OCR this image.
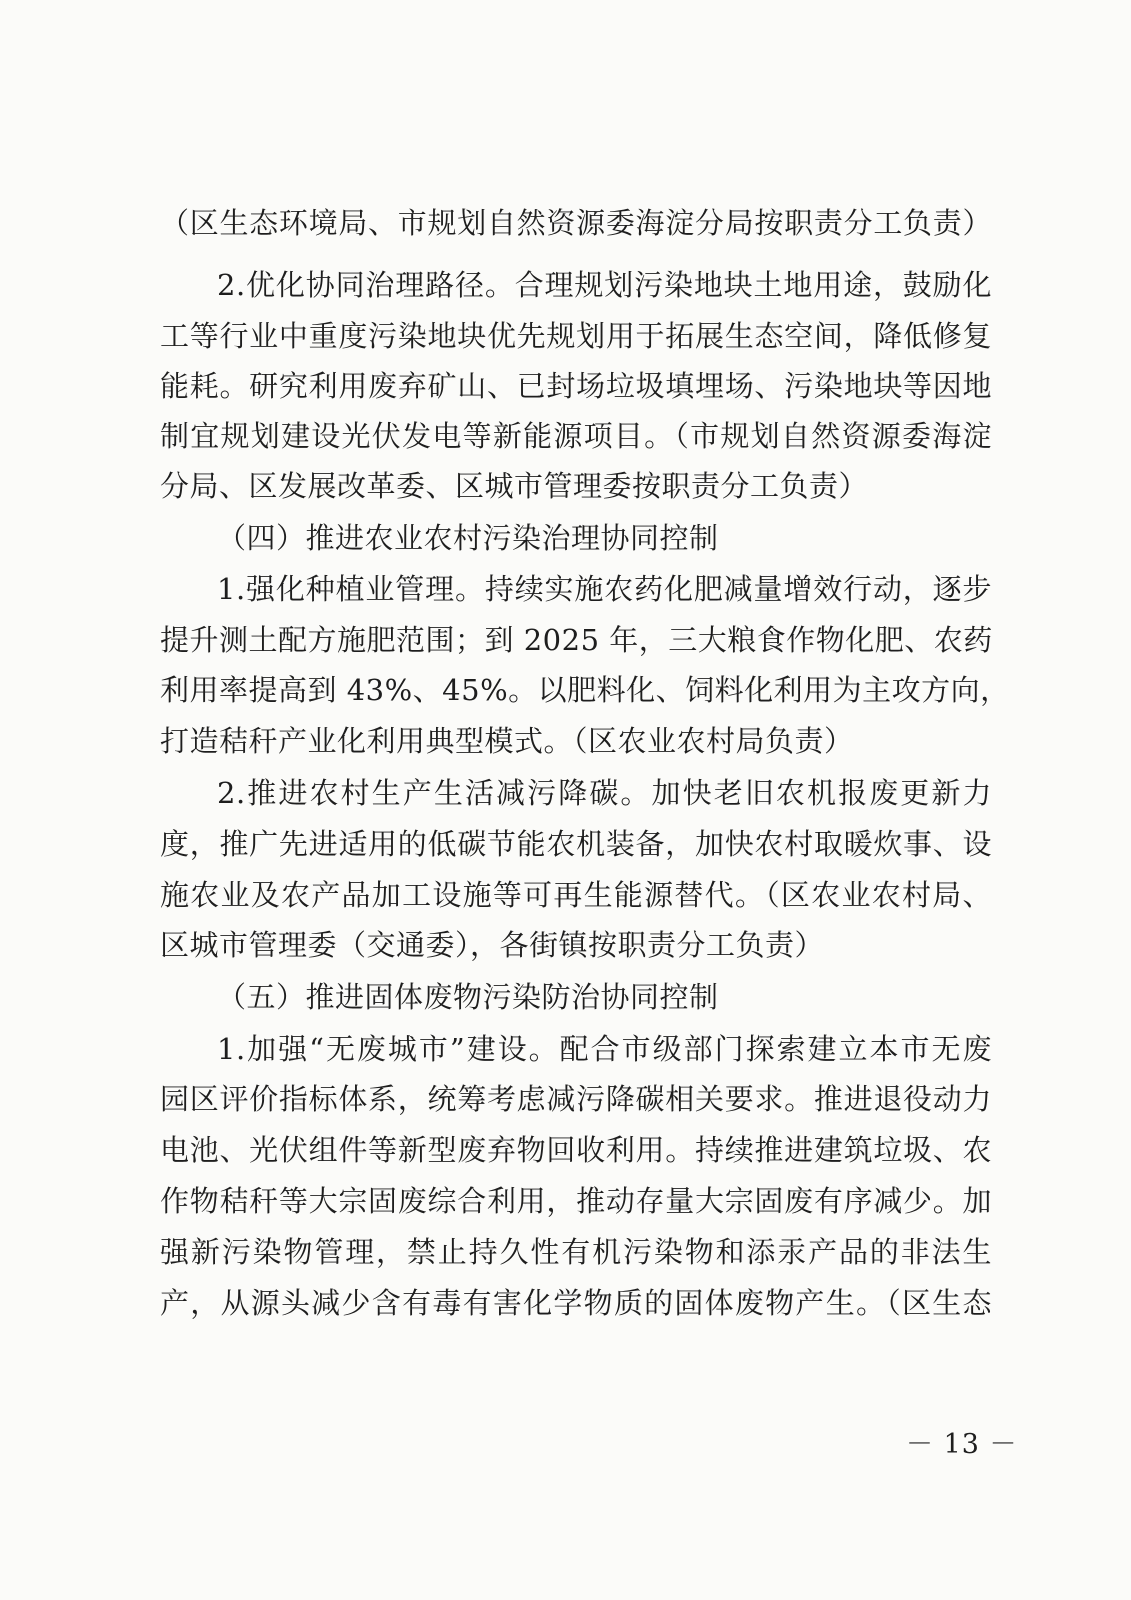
（区生态环境局、市规划自然资源委海淀分局按职责分工负责）
2.优化协同治理路径。合理规划污染地块土地用途，鼓励化
工等行业中重度污染地块优先规划用于拓展生态空间，降低修复
能耗。研究利用废弃矿山、已封场垃圾填埋场、污染地块等因地
制宜规划建设光伏发电等新能源项目。（市规划自然资源委海淀
分局、区发展改革委、区城市管理委按职责分工负责）
（四）推进农业农村污染治理协同控制
1.强化种植业管理。持续实施农药化肥减量增效行动，逐步
提升测土配方施肥范围；到 2025 年，三大粮食作物化肥、农药
利用率提高到 43%、45%。以肥料化、饲料化利用为主攻方向，
打造秸秆产业化利用典型模式。（区农业农村局负责）
2.推进农村生产生活减污降碳。加快老旧农机报废更新力
度，推广先进适用的低碳节能农机装备，加快农村取暖炊事、设
施农业及农产品加工设施等可再生能源替代。（区农业农村局、
区城市管理委（交通委），各街镇按职责分工负责）
（五）推进固体废物污染防治协同控制
1.加强“无废城市”建设。配合市级部门探索建立本市无废
园区评价指标体系，统筹考虑减污降碳相关要求。推进退役动力
电池、光伏组件等新型废弃物回收利用。持续推进建筑垃圾、农
作物秸秆等大宗固废综合利用，推动存量大宗固废有序减少。加
强新污染物管理，禁止持久性有机污染物和添汞产品的非法生
产，从源头减少含有毒有害化学物质的固体废物产生。（区生态
－ 13 －
